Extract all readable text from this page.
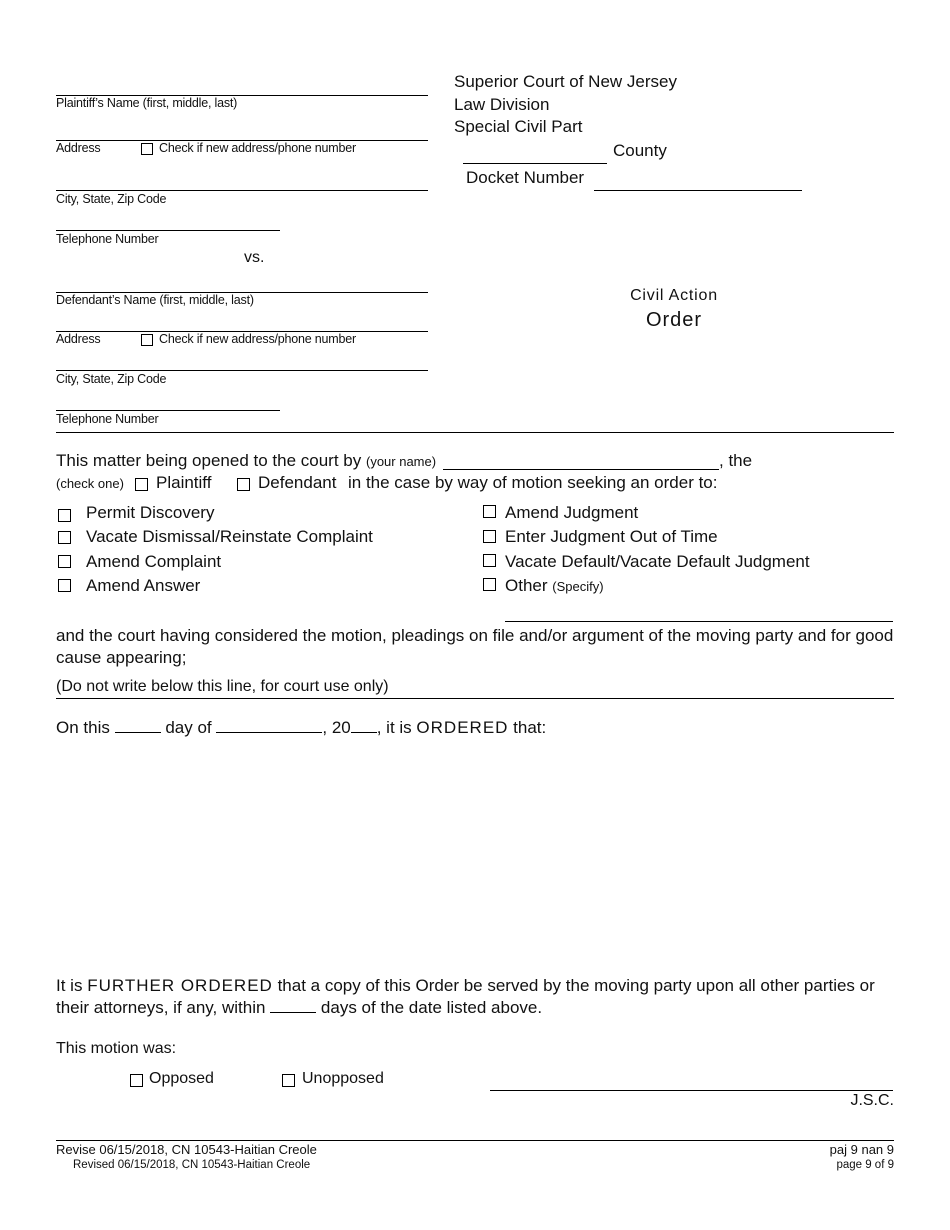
Plaintiff’s Name (first, middle, last)
Address	Check if new address/phone number
City, State, Zip Code
Telephone Number
vs.
Defendant’s Name (first, middle, last)
Address	Check if new address/phone number
City, State, Zip Code
Telephone Number
Superior Court of New Jersey
Law Division
Special Civil Part
County
Docket Number
Civil Action
Order
This matter being opened to the court by (your name)	, the
(check one) Plaintiff	Defendant in the case by way of motion seeking an order to:
Permit Discovery
Vacate Dismissal/Reinstate Complaint
Amend Complaint
Amend Answer
Amend Judgment
Enter Judgment Out of Time
Vacate Default/Vacate Default Judgment
Other (Specify)
and the court having considered the motion, pleadings on file and/or argument of the moving party and for good cause appearing;
(Do not write below this line, for court use only)
On this	day of	, 20 , it is ORDERED that:
It is FURTHER ORDERED that a copy of this Order be served by the moving party upon all other parties or
their attorneys, if any, within	days of the date listed above.
This motion was:
Opposed	Unopposed
J.S.C.
Revise 06/15/2018, CN 10543-Haitian Creole
Revised 06/15/2018, CN 10543-Haitian Creole
paj 9 nan 9
page 9 of 9
